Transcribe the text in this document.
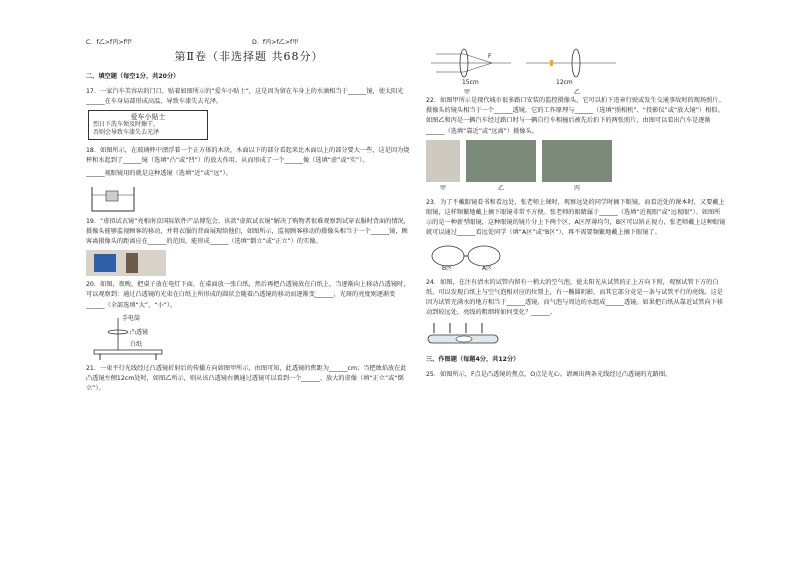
C．f乙>f丙>f甲	D．f丙>f乙>f甲
第Ⅱ卷（非选择题 共68分）
二、填空题（每空1分，共20分）
17．一家汽车美容店的门口，贴着如图所示的“爱车小贴士”，这是因为留在车身上的水滴相当于______镜，使太阳光______在车身局部形成高温，导致车漆失去光泽。
爱车小贴士
烈日下洗车须及时擦干，
否则会导致车漆失去光泽
18．如图所示，在玻璃杯中漂浮着一个正方体的木块，木面以下的部分看起来比木面以上的部分要大一些，这是因为烧杯和水起到了______镜（选填“凸”或“凹”）的放大作用，从而形成了一个______像（选填“虚”或“实”）。
______视眼镜用的就是这种透镜（选填“近”或“远”）。
19．“虚拟试衣镜”亮相南京国际软件产品博览会，该款“虚拟试衣镜”解决了购物者很难观察到试穿衣服时背面的情况，摄像头能够监视顾客的移动，并将衣服的背面展现给他们，如图所示，监视顾客移动的摄像头相当于一个______镜，顾客离摄像头的距离应在______的范围，能形成______（选填“倒立”或“正立”）的实像。
20．如图，夜晚，把桌子放在电灯下面，在桌面放一张白纸，然后再把凸透镜放在白纸上，当逐渐向上移动凸透镜时，可以观察到：通过凸透镜的光束在白纸上所形成的圆状会随着凸透镜的移动而逐渐变______，光斑的亮度则逐渐变______（全部选填“大”、“小”）。
手电筒
凸透镜
白纸
21．一束平行光线经过凸透镜折射后的传播方向如图甲所示，由图可知，此透镜的焦距为______cm；当把烛焰放在此凸透镜左侧12cm处时，如图乙所示，则从该凸透镜右侧通过透镜可以看到一个______、放大的虚像（填“正立”或“倒立”）。
F
15cm	12cm
甲	乙
22．如图甲所示是现代城市很多路口安装的监控摄像头，它可以拍下违章行驶或发生交通事故时的现场照片。摄像头的镜头相当于一个______透镜，它的工作原理与______（选填“照相机”、“投影仪”或“放大镜”）相似。如图乙和丙是一辆汽车经过路口时与一辆自行车相撞后被先后拍下的两张照片，由图可以看出汽车是逐渐______（选填“靠近”或“远离”）摄像头。
甲	乙	丙
23．为了不戴眼镜看书和看远处，张老师上课时，观察远处的同学时摘下眼镜，而看近处的课本时，又要戴上眼镜，这样频繁地戴上摘下眼镜非常不方便。张老师的眼睛属于______（选填“近视眼”或“远视眼”）。如图所示的是一种新型眼镜，这种眼镜的镜片分上下两个区，A区厚薄均匀，B区可以矫正视力，张老师戴上这种眼镜就可以通过______看远处同学（填“A区”或“B区”），再不需要频繁地戴上摘下眼镜了。
B区	A区
24．如图，在注有清水的试管内留有一稍大的空气泡，使太阳光从试管的正上方向下照，观察试管下方的白纸，可以发现白纸上与空气泡相对应的位置上，有一椭圆阴影，而其它部分竟是一条与试管平行的亮线。这是因为试管充满水的地方相当于______透镜，而气泡与周边的水组成______透镜。如果把白纸从靠近试管向下移动到较远处，亮线的粗细将如何变化？______。
三、作图题（每题4分，共12分）
25．如图所示，F点是凸透镜的焦点，O点是光心。请画出两条光线经过凸透镜的光路图。
